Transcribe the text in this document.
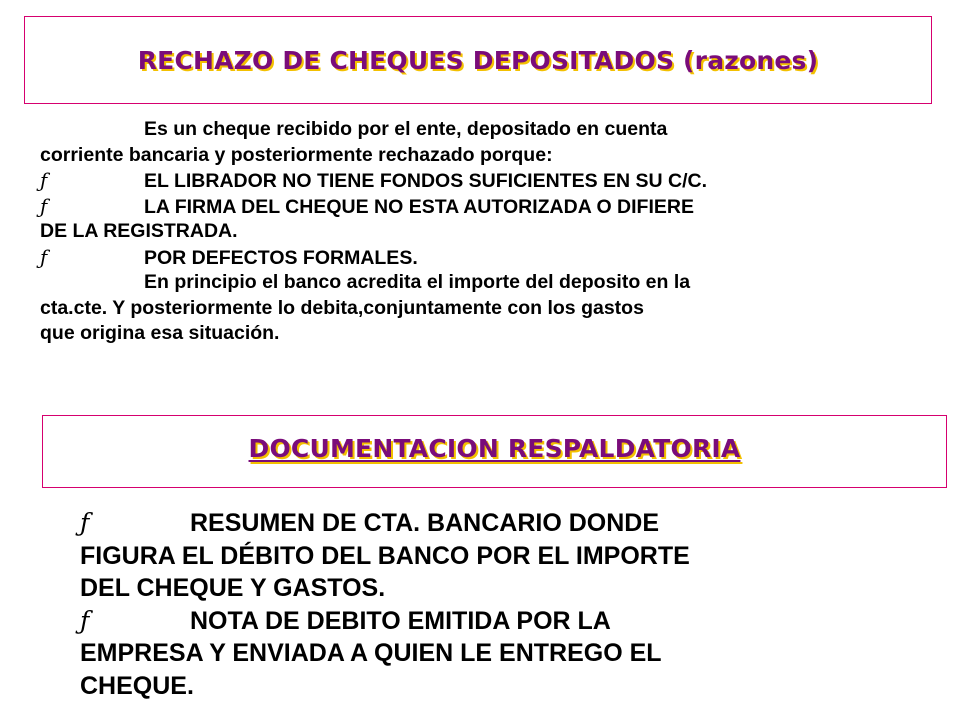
RECHAZO DE CHEQUES DEPOSITADOS (razones)
Es un cheque recibido por el ente, depositado en cuenta
corriente bancaria y posteriormente rechazado porque:
ƒ	EL LIBRADOR NO TIENE FONDOS SUFICIENTES EN SU C/C.
ƒ	LA FIRMA DEL CHEQUE NO ESTA AUTORIZADA O DIFIERE
DE LA REGISTRADA.
ƒ	POR DEFECTOS FORMALES.
En principio el banco acredita el importe del deposito en la
cta.cte. Y posteriormente lo debita,conjuntamente con los gastos
que origina esa situación.
DOCUMENTACION RESPALDATORIA
ƒ	RESUMEN DE CTA. BANCARIO DONDE
FIGURA EL DÉBITO DEL BANCO POR EL IMPORTE
DEL CHEQUE Y GASTOS.
ƒ	NOTA DE DEBITO EMITIDA POR LA
EMPRESA Y ENVIADA A QUIEN LE ENTREGO EL
CHEQUE.
